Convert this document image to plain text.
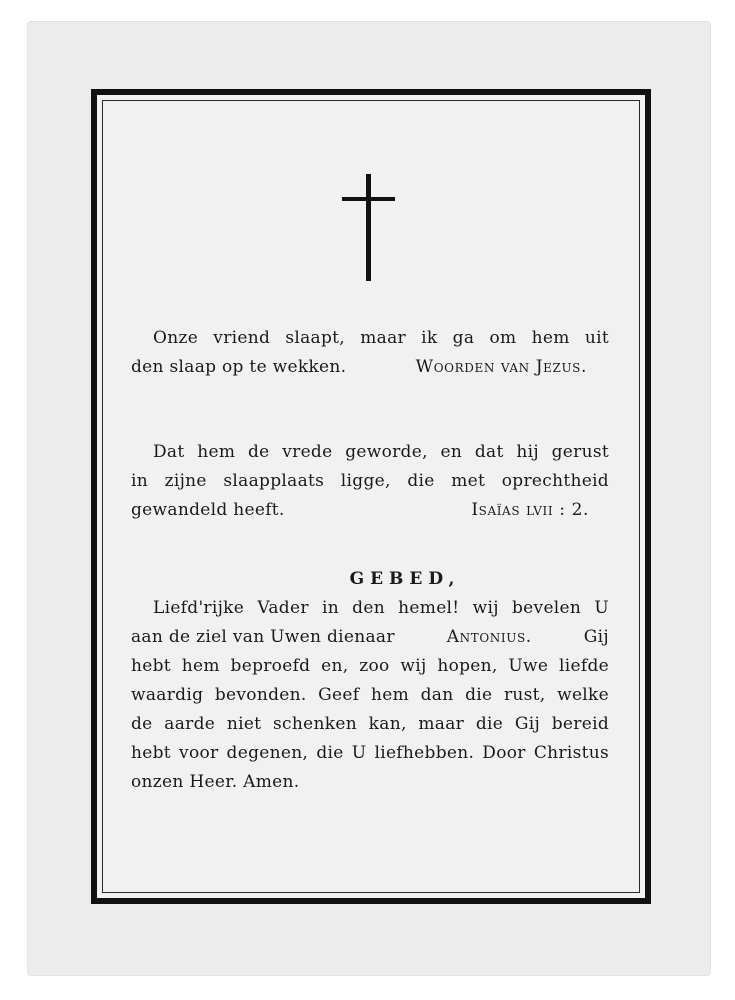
Onze vriend slaapt, maar ik ga om hem uit
den slaap op te wekken.	Woorden van Jezus.
Dat hem de vrede geworde, en dat hij gerust
in zijne slaapplaats ligge, die met oprechtheid
gewandeld heeft.	Isaïas lvii : 2.
GEBED,
Liefd'rijke Vader in den hemel! wij bevelen U
aan de ziel van Uwen dienaar	Antonius.	Gij
hebt hem beproefd en, zoo wij hopen, Uwe liefde
waardig bevonden. Geef hem dan die rust, welke
de aarde niet schenken kan, maar die Gij bereid
hebt voor degenen, die U liefhebben. Door Christus
onzen Heer. Amen.
